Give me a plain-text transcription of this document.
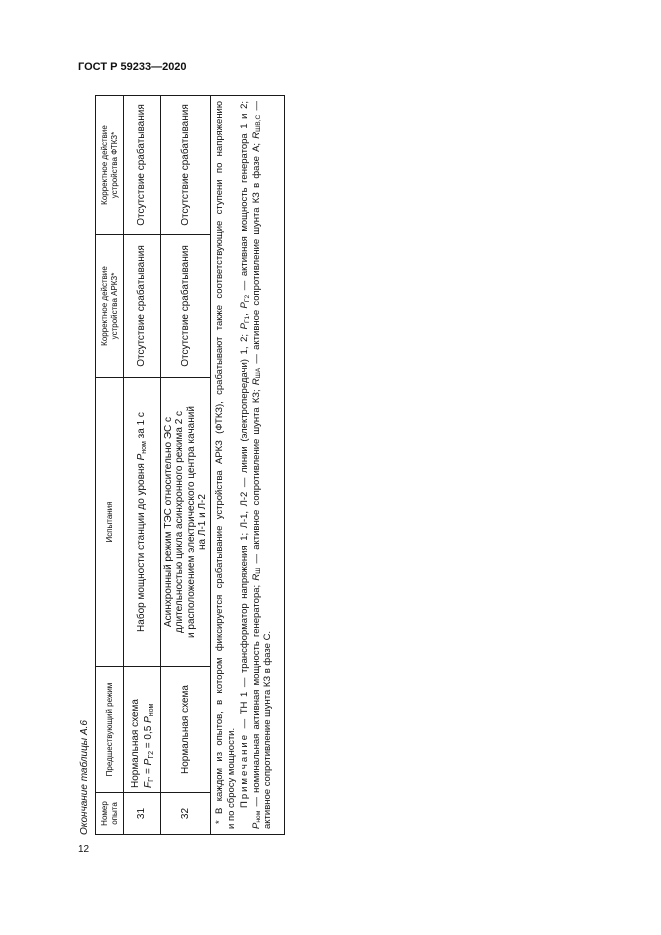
ГОСТ Р 59233—2020
Окончание таблицы А.6 Номер опыта
Предшествующий режим
Испытания
Корректное действие устройства АРКЗ*
Корректное действие устройства ФТКЗ*
31
Нормальная схема $F_{Г'} = P_{Г2} = 0,5$ $P_{ном}$
Набор мощности станции до уровня $P_{ном}$ за 1 с
Отсутствие срабатывания
Отсутствие срабатывания
32
Нормальная схема
Асинхронный режим ТЭС относительно ЭС с длительностью цикла асинхронного режима 2 с и расположением электрического центра качаний на Л-1 и Л-2
Отсутствие срабатывания
Отсутствие срабатывания * В каждом из опытов, в котором фиксируется срабатывание устройства АРКЗ (ФТКЗ), срабатывают также соответствующие ступени по напряжению и по сбросу мощности. Примечание — ТН 1 — трансформатор напряжения 1; Л-1, Л-2 — линии (электропередачи) 1, 2; $P_{Г1}$, $P_{Г2}$ — активная мощность генератора 1 и 2;
$P_{ном}$ — номинальная активная мощность генератора; $R_Ш$ — активное сопротивление шунта КЗ; $R_{ША}$ — активное сопротивление шунта КЗ в фазе А; $R_{ШВ,С}$ —
активное сопротивление шунта КЗ в фазе С.
12
